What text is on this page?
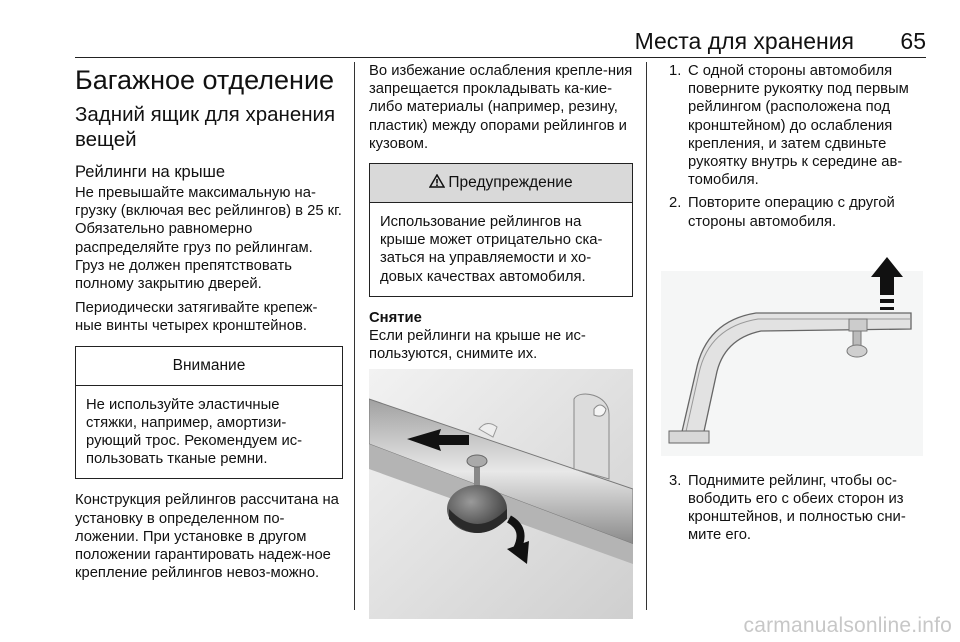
Места для хранения 65
Багажное отделение
Задний ящик для хранения вещей
Рейлинги на крыше

Не превышайте максимальную на-грузку (включая вес рейлингов) в 25 кг. Обязательно равномерно распределяйте груз по рейлингам. Груз не должен препятствовать полному закрытию дверей.

Периодически затягивайте крепеж-ные винты четырех кронштейнов.

Внимание
Не используйте эластичные стяжки, например, амортизи-рующий трос. Рекомендуем ис-пользовать тканые ремни.

Конструкция рейлингов рассчитана на установку в определенном по-ложении. При установке в другом положении гарантировать надеж-ное крепление рейлингов невоз-можно.

Во избежание ослабления крепле-ния запрещается прокладывать ка-кие-либо материалы (например, резину, пластик) между опорами рейлингов и кузовом.

Предупреждение
Использование рейлингов на крыше может отрицательно ска-заться на управляемости и хо-довых качествах автомобиля.
Снятие

Если рейлинги на крыше не ис-пользуются, снимите их.

1. С одной стороны автомобиля поверните рукоятку под первым рейлингом (расположена под кронштейном) до ослабления крепления, и затем сдвиньте рукоятку внутрь к середине ав-томобиля.
2. Повторите операцию с другой стороны автомобиля.
3. Поднимите рейлинг, чтобы ос-вободить его с обеих сторон из кронштейнов, и полностью сни-мите его.
carmanualsonline.info
